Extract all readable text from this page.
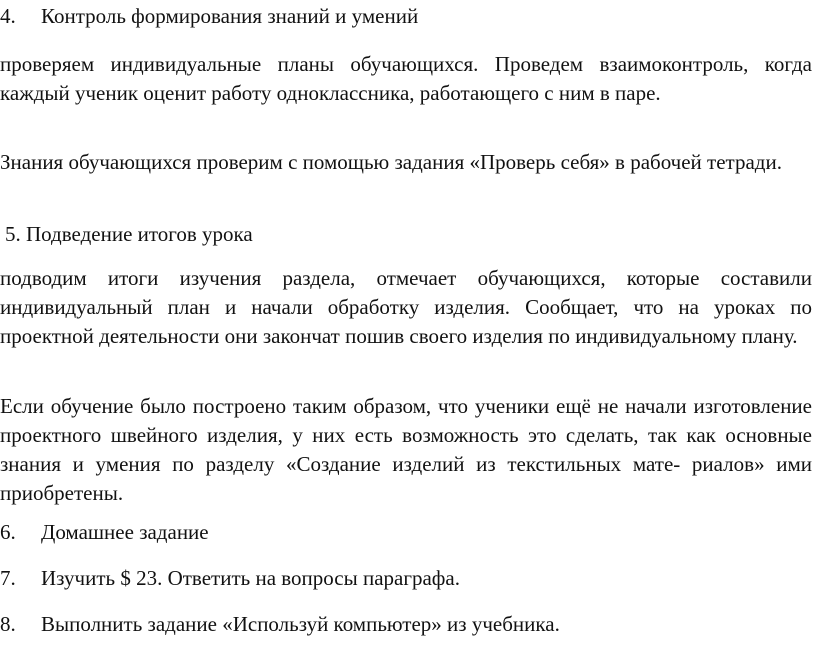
4. Контроль формирования знаний и умений

проверяем индивидуальные планы обучающихся. Проведем взаимоконтроль, когда каждый ученик оценит работу одноклассника, работающего с ним в паре.

Знания обучающихся проверим с помощью задания «Проверь себя» в рабочей тетради.

5. Подведение итогов урока

подводим итоги изучения раздела, отмечает обучающихся, которые составили индивидуальный план и начали обработку изделия. Сообщает, что на уроках по проектной деятельности они закончат пошив своего изделия по индивидуальному плану.

Если обучение было построено таким образом, что ученики ещё не начали изготовление проектного швейного изделия, у них есть возможность это сделать, так как основные знания и умения по разделу «Создание изделий из текстильных мате- риалов» ими приобретены.

6. Домашнее задание
7. Изучить $ 23. Ответить на вопросы параграфа.
8. Выполнить задание «Используй компьютер» из учебника.
